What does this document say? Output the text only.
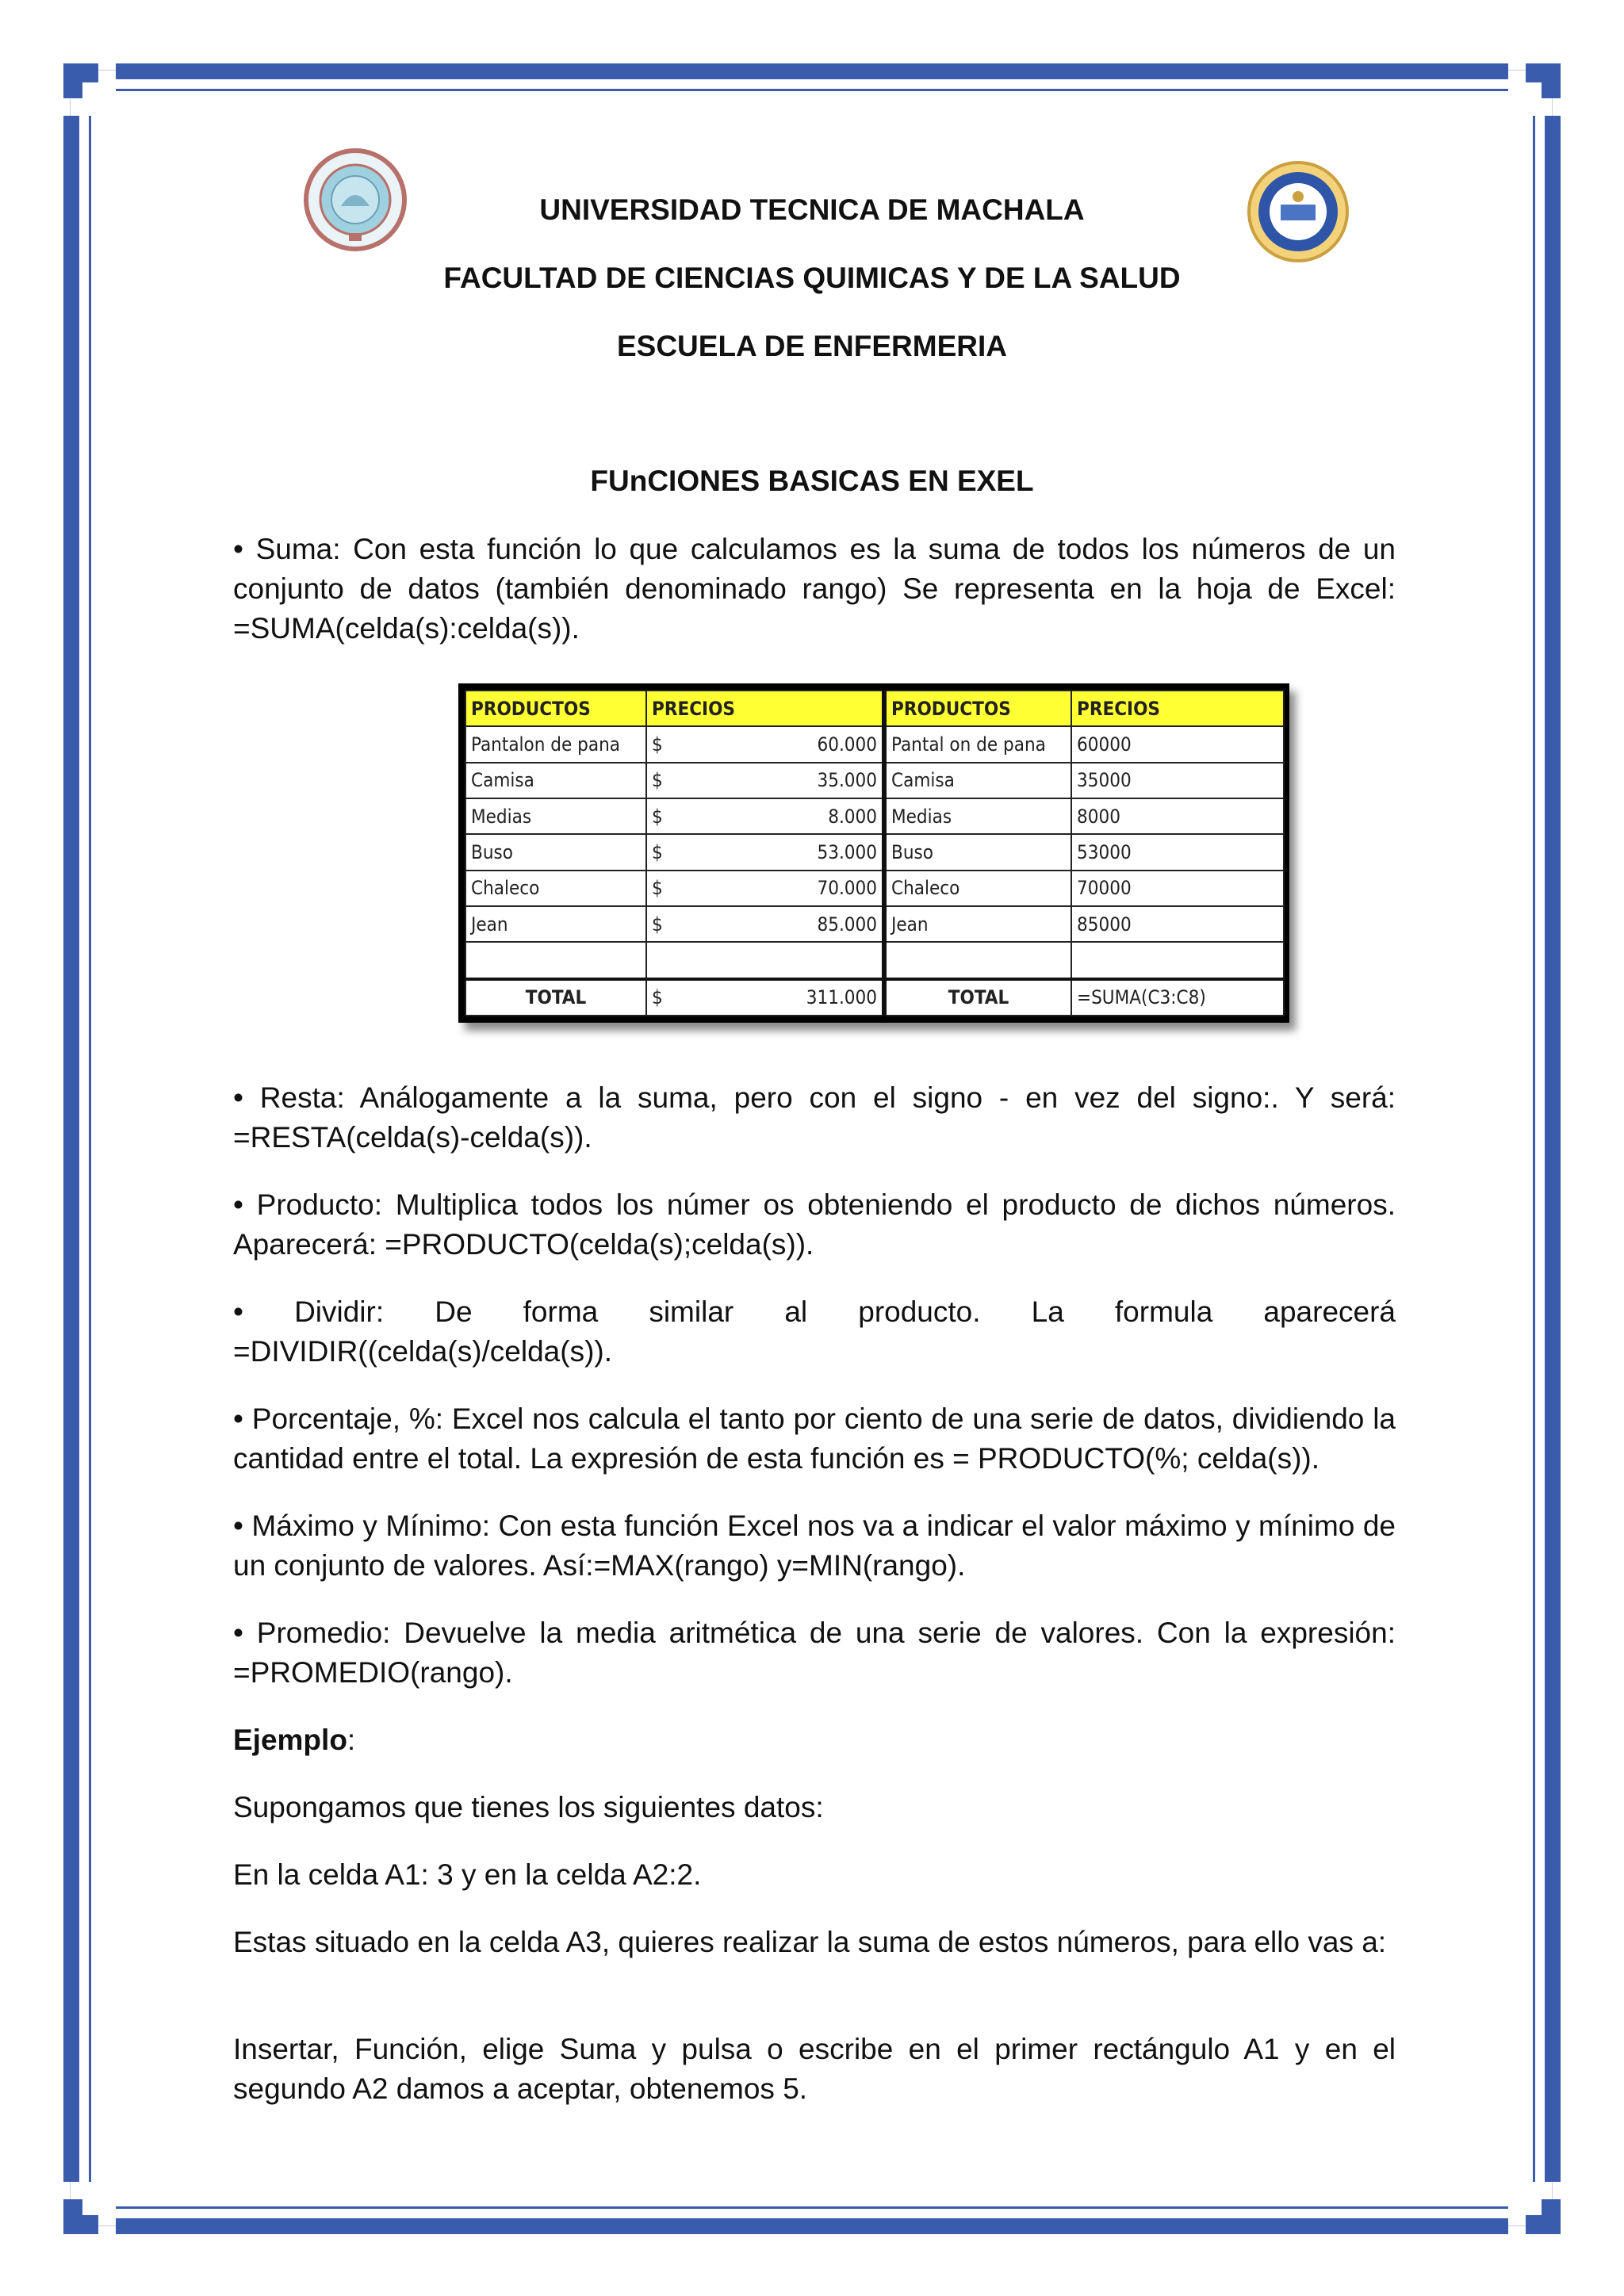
UNIVERSIDAD TECNICA DE MACHALA
FACULTAD DE CIENCIAS QUIMICAS Y DE LA SALUD
ESCUELA DE ENFERMERIA
FUnCIONES BASICAS EN EXEL
• Suma: Con esta función lo que calculamos es la suma de todos los números de un conjunto de datos (también denominado rango) Se representa en la hoja de Excel: =SUMA(celda(s):celda(s)).
PRODUCTOS	PRECIOS	PRODUCTOS	PRECIOS
Pantalon de pana	$ 60.000	Pantal on de pana	60000
Camisa	$ 35.000	Camisa	35000
Medias	$ 8.000	Medias	8000
Buso	$ 53.000	Buso	53000
Chaleco	$ 70.000	Chaleco	70000
Jean	$ 85.000	Jean	85000

TOTAL	$ 311.000	TOTAL	=SUMA(C3:C8)
• Resta: Análogamente a la suma, pero con el signo - en vez del signo:. Y será: =RESTA(celda(s)-celda(s)).
• Producto: Multiplica todos los númer os obteniendo el producto de dichos números. Aparecerá: =PRODUCTO(celda(s);celda(s)).
• Dividir: De forma similar al producto. La formula aparecerá
=DIVIDIR((celda(s)/celda(s)).
• Porcentaje, %: Excel nos calcula el tanto por ciento de una serie de datos, dividiendo la cantidad entre el total. La expresión de esta función es = PRODUCTO(%; celda(s)).
• Máximo y Mínimo: Con esta función Excel nos va a indicar el valor máximo y mínimo de un conjunto de valores. Así:=MAX(rango) y=MIN(rango).
• Promedio: Devuelve la media aritmética de una serie de valores. Con la expresión: =PROMEDIO(rango).
Ejemplo:
Supongamos que tienes los siguientes datos:
En la celda A1: 3 y en la celda A2:2.
Estas situado en la celda A3, quieres realizar la suma de estos números, para ello vas a:
Insertar, Función, elige Suma y pulsa o escribe en el primer rectángulo A1 y en el segundo A2 damos a aceptar, obtenemos 5.
